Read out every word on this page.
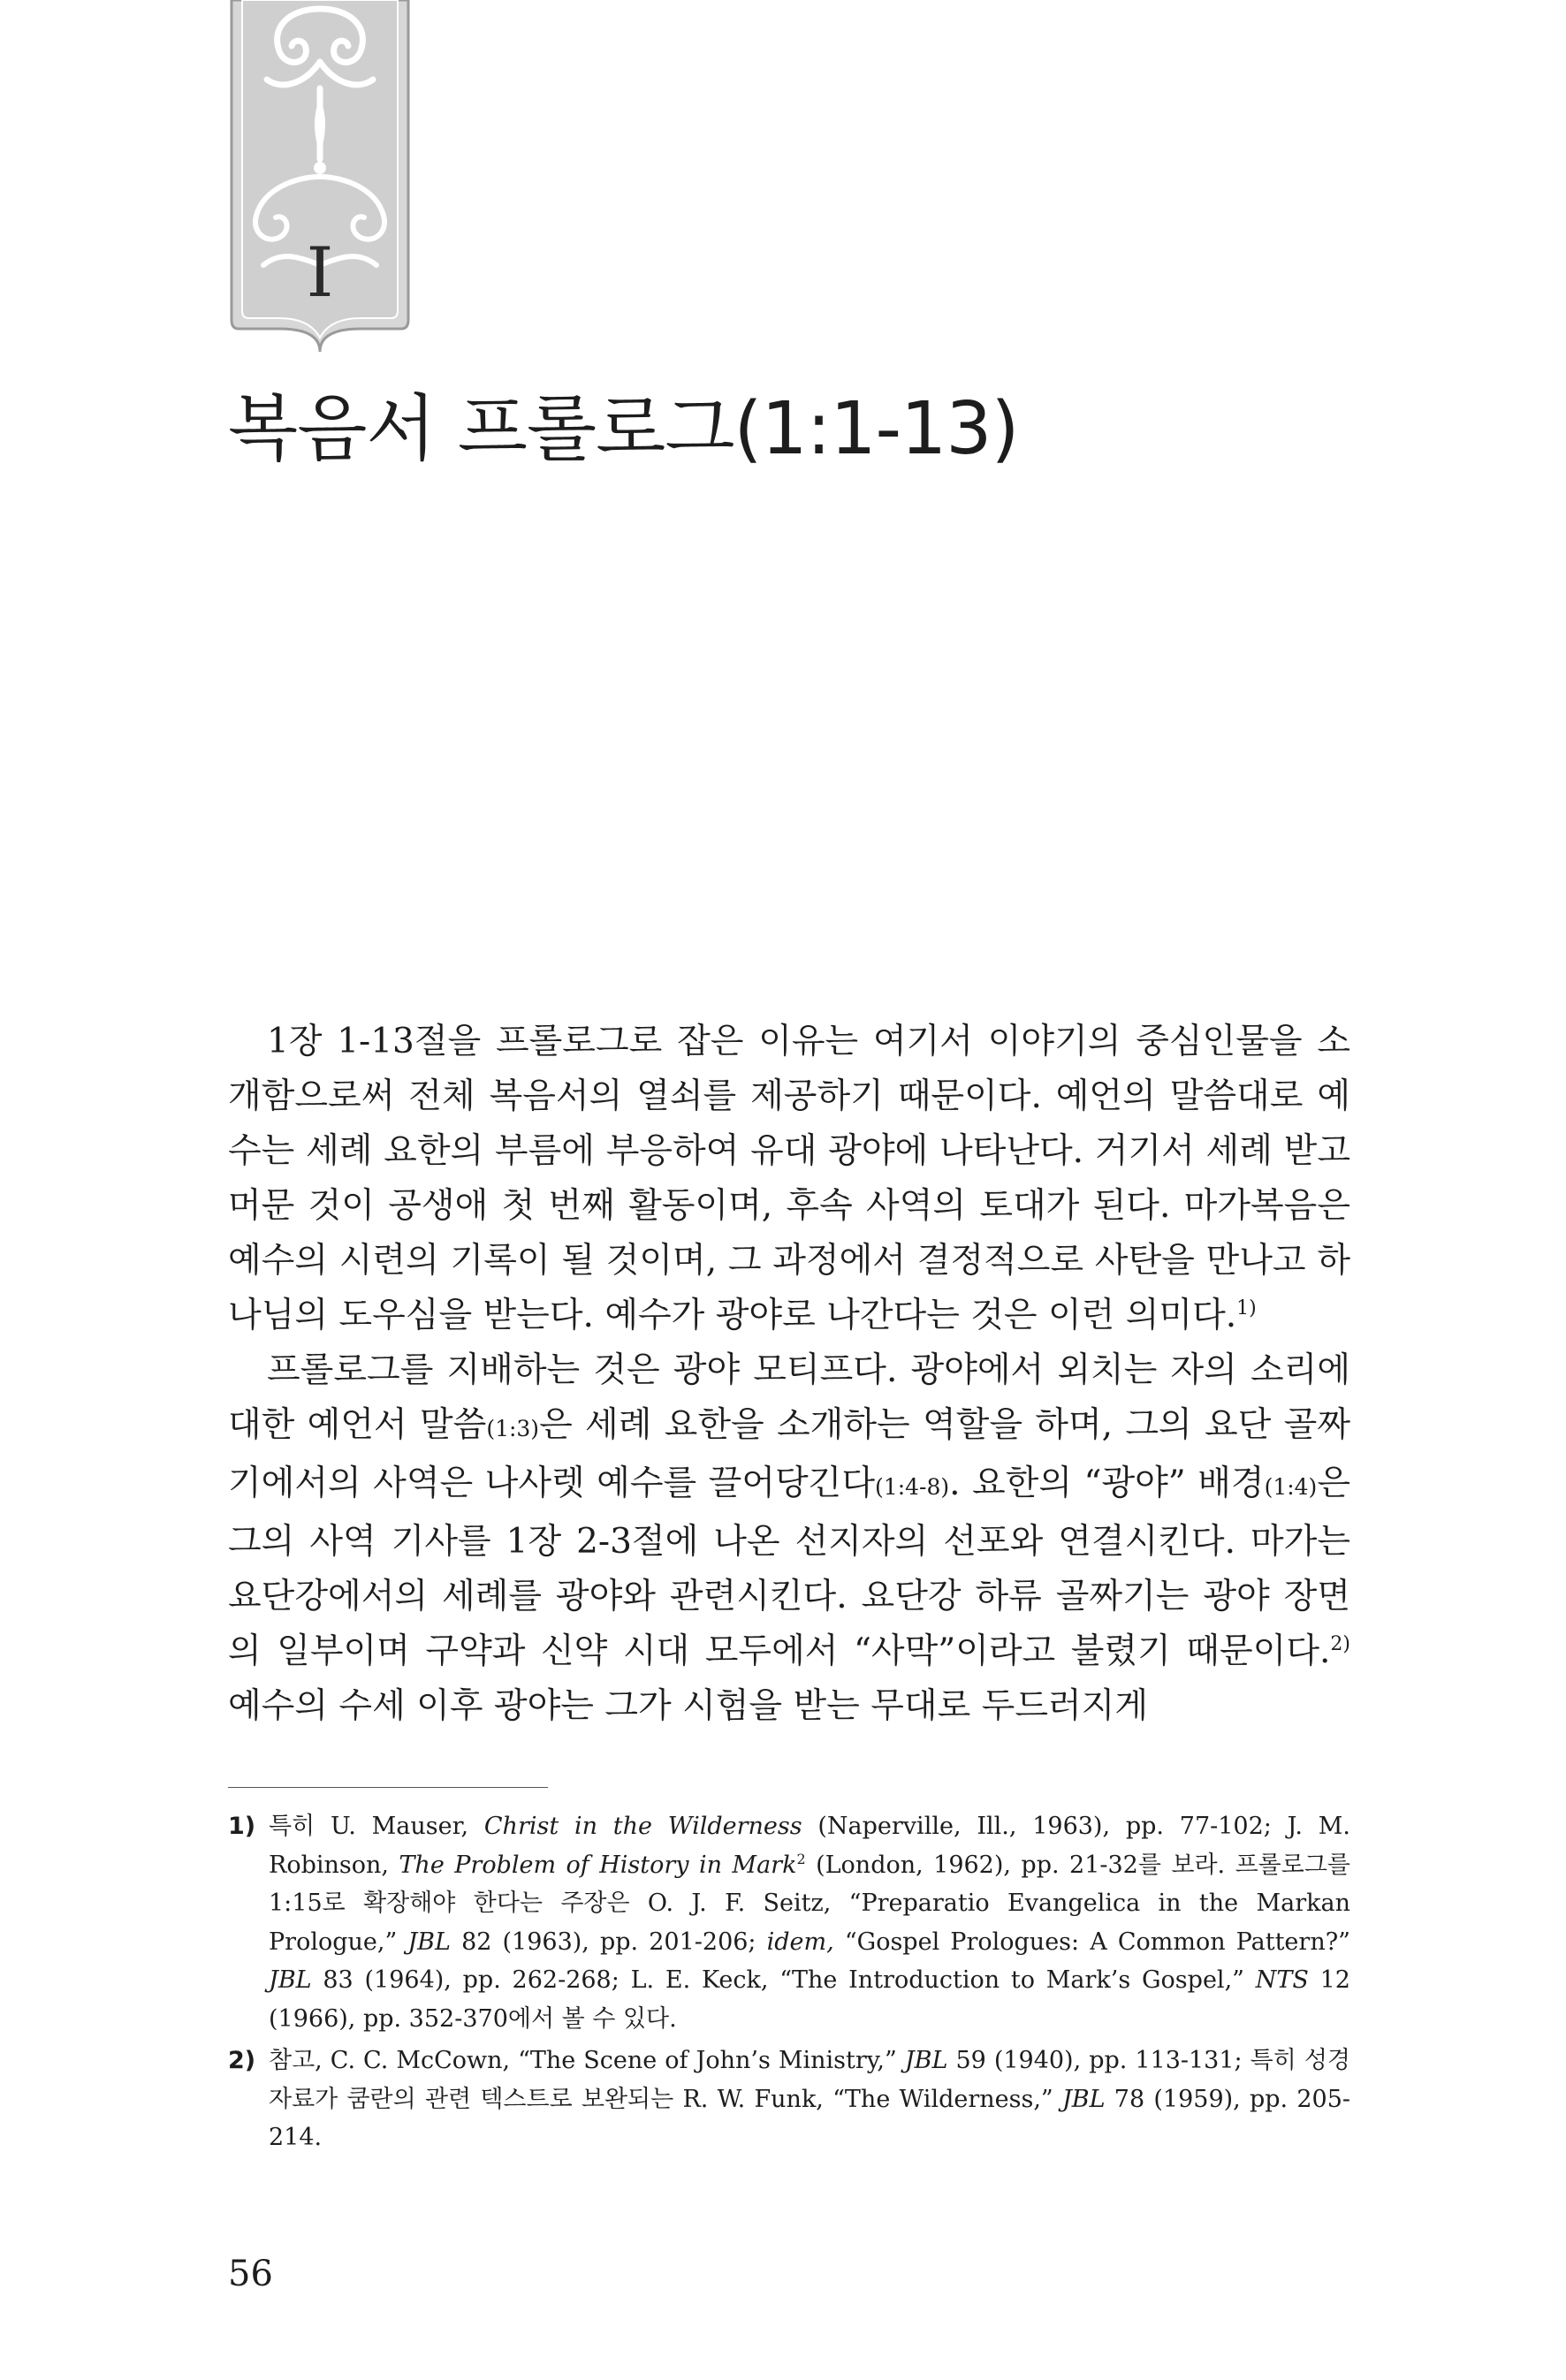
I
복음서 프롤로그(1:1-13)

1장 1-13절을 프롤로그로 잡은 이유는 여기서 이야기의 중심인물을 소개함으로써 전체 복음서의 열쇠를 제공하기 때문이다. 예언의 말씀대로 예수는 세례 요한의 부름에 부응하여 유대 광야에 나타난다. 거기서 세례 받고 머문 것이 공생애 첫 번째 활동이며, 후속 사역의 토대가 된다. 마가복음은 예수의 시련의 기록이 될 것이며, 그 과정에서 결정적으로 사탄을 만나고 하나님의 도우심을 받는다. 예수가 광야로 나간다는 것은 이런 의미다.$^{1)}$

프롤로그를 지배하는 것은 광야 모티프다. 광야에서 외치는 자의 소리에 대한 예언서 말씀(1:3)은 세례 요한을 소개하는 역할을 하며, 그의 요단 골짜기에서의 사역은 나사렛 예수를 끌어당긴다(1:4-8). 요한의 “광야” 배경(1:4)은 그의 사역 기사를 1장 2-3절에 나온 선지자의 선포와 연결시킨다. 마가는 요단강에서의 세례를 광야와 관련시킨다. 요단강 하류 골짜기는 광야 장면의 일부이며 구약과 신약 시대 모두에서 “사막”이라고 불렸기 때문이다.$^{2)}$ 예수의 수세 이후 광야는 그가 시험을 받는 무대로 두드러지게

1) 특히 U. Mauser, Christ in the Wilderness (Naperville, Ill., 1963), pp. 77-102; J. M. Robinson, The Problem of History in Mark$^2$ (London, 1962), pp. 21-32를 보라. 프롤로그를 1:15로 확장해야 한다는 주장은 O. J. F. Seitz, “Preparatio Evangelica in the Markan Prologue,” JBL 82 (1963), pp. 201-206; idem, “Gospel Prologues: A Common Pattern?” JBL 83 (1964), pp. 262-268; L. E. Keck, “The Introduction to Mark’s Gospel,” NTS 12 (1966), pp. 352-370에서 볼 수 있다.
2) 참고, C. C. McCown, “The Scene of John’s Ministry,” JBL 59 (1940), pp. 113-131; 특히 성경 자료가 쿰란의 관련 텍스트로 보완되는 R. W. Funk, “The Wilderness,” JBL 78 (1959), pp. 205-214.
56
